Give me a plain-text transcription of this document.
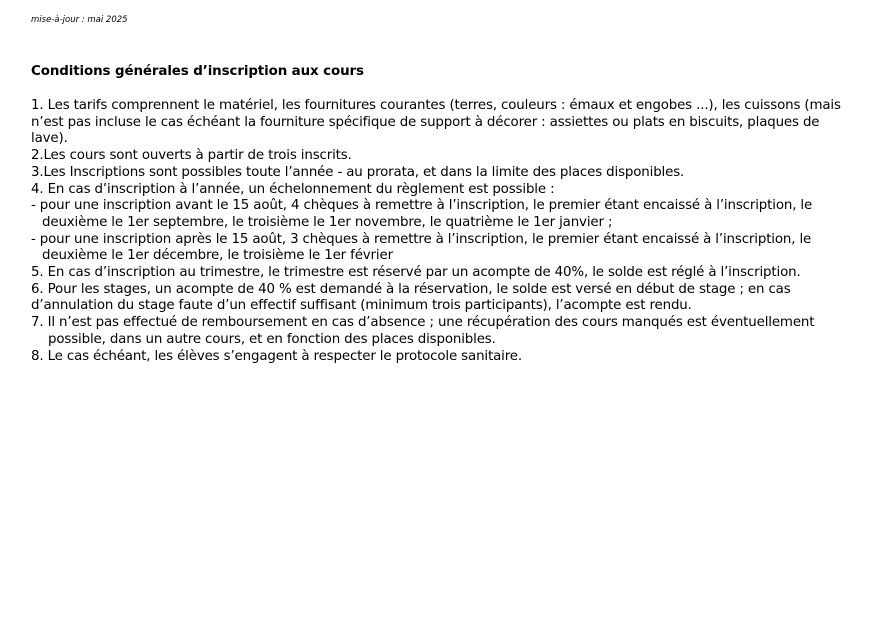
mise-à-jour : mai 2025
Conditions générales d’inscription aux cours
1. Les tarifs comprennent le matériel, les fournitures courantes (terres, couleurs : émaux et engobes ...), les cuissons (mais
n’est pas incluse le cas échéant la fourniture spécifique de support à décorer : assiettes ou plats en biscuits, plaques de
lave).
2.Les cours sont ouverts à partir de trois inscrits.
3.Les Inscriptions sont possibles toute l’année - au prorata, et dans la limite des places disponibles.
4. En cas d’inscription à l’année, un échelonnement du règlement est possible :
- pour une inscription avant le 15 août, 4 chèques à remettre à l’inscription, le premier étant encaissé à l’inscription, le
deuxième le 1er septembre, le troisième le 1er novembre, le quatrième le 1er janvier ;
- pour une inscription après le 15 août, 3 chèques à remettre à l’inscription, le premier étant encaissé à l’inscription, le
deuxième le 1er décembre, le troisième le 1er février
5. En cas d’inscription au trimestre, le trimestre est réservé par un acompte de 40%, le solde est réglé à l’inscription.
6. Pour les stages, un acompte de 40 % est demandé à la réservation, le solde est versé en début de stage ; en cas
d’annulation du stage faute d’un effectif suffisant (minimum trois participants), l’acompte est rendu.
7. Il n’est pas effectué de remboursement en cas d’absence ; une récupération des cours manqués est éventuellement
possible, dans un autre cours, et en fonction des places disponibles.
8. Le cas échéant, les élèves s’engagent à respecter le protocole sanitaire.
